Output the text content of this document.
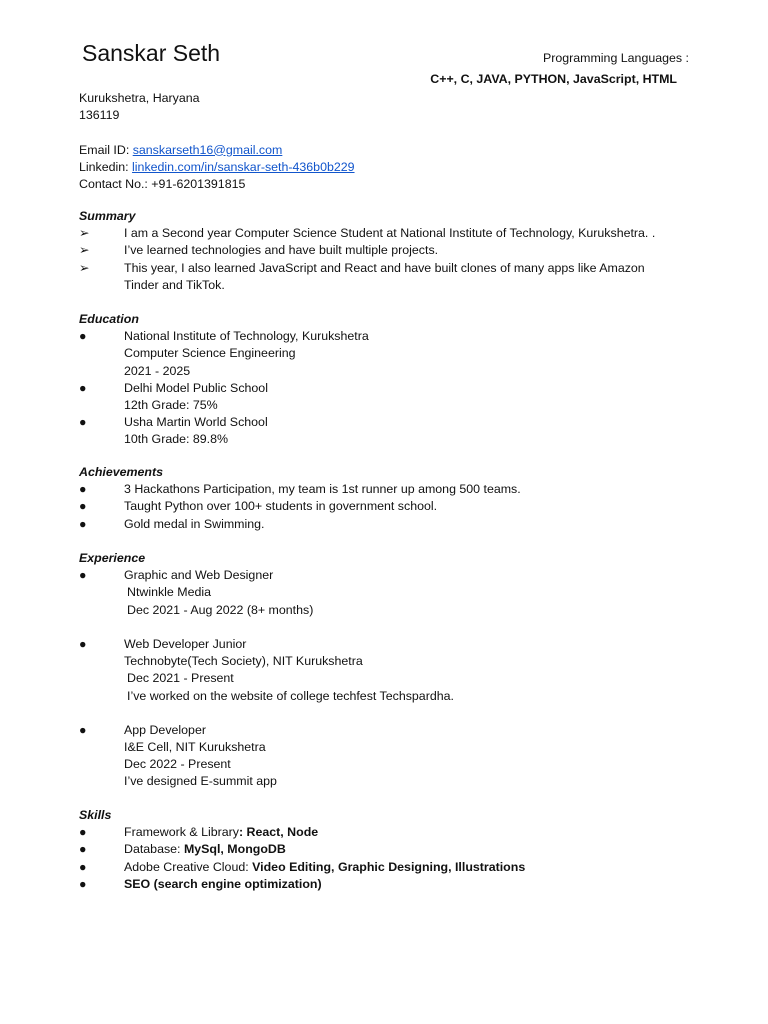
Sanskar Seth	Programming Languages :
C++, C, JAVA, PYTHON, JavaScript, HTML
Kurukshetra, Haryana
136119
Email ID: sanskarseth16@gmail.com
Linkedin: linkedin.com/in/sanskar-seth-436b0b229
Contact No.: +91-6201391815
Summary
➢	I am a Second year Computer Science Student at National Institute of Technology, Kurukshetra. .
➢	I’ve learned technologies and have built multiple projects.
➢	This year, I also learned JavaScript and React and have built clones of many apps like Amazon
Tinder and TikTok.
Education
●	National Institute of Technology, Kurukshetra
Computer Science Engineering
2021 - 2025
●	Delhi Model Public School
12th Grade: 75%
●	Usha Martin World School
10th Grade: 89.8%
Achievements
●	3 Hackathons Participation, my team is 1st runner up among 500 teams.
●	Taught Python over 100+ students in government school.
●	Gold medal in Swimming.
Experience
●	Graphic and Web Designer
Ntwinkle Media
Dec 2021 - Aug 2022 (8+ months)
●	Web Developer Junior
Technobyte(Tech Society), NIT Kurukshetra
Dec 2021 - Present
I’ve worked on the website of college techfest Techspardha.
●	App Developer
I&E Cell, NIT Kurukshetra
Dec 2022 - Present
I’ve designed E-summit app
Skills
●	Framework & Library: React, Node
●	Database: MySql, MongoDB
●	Adobe Creative Cloud: Video Editing, Graphic Designing, Illustrations
●	SEO (search engine optimization)
